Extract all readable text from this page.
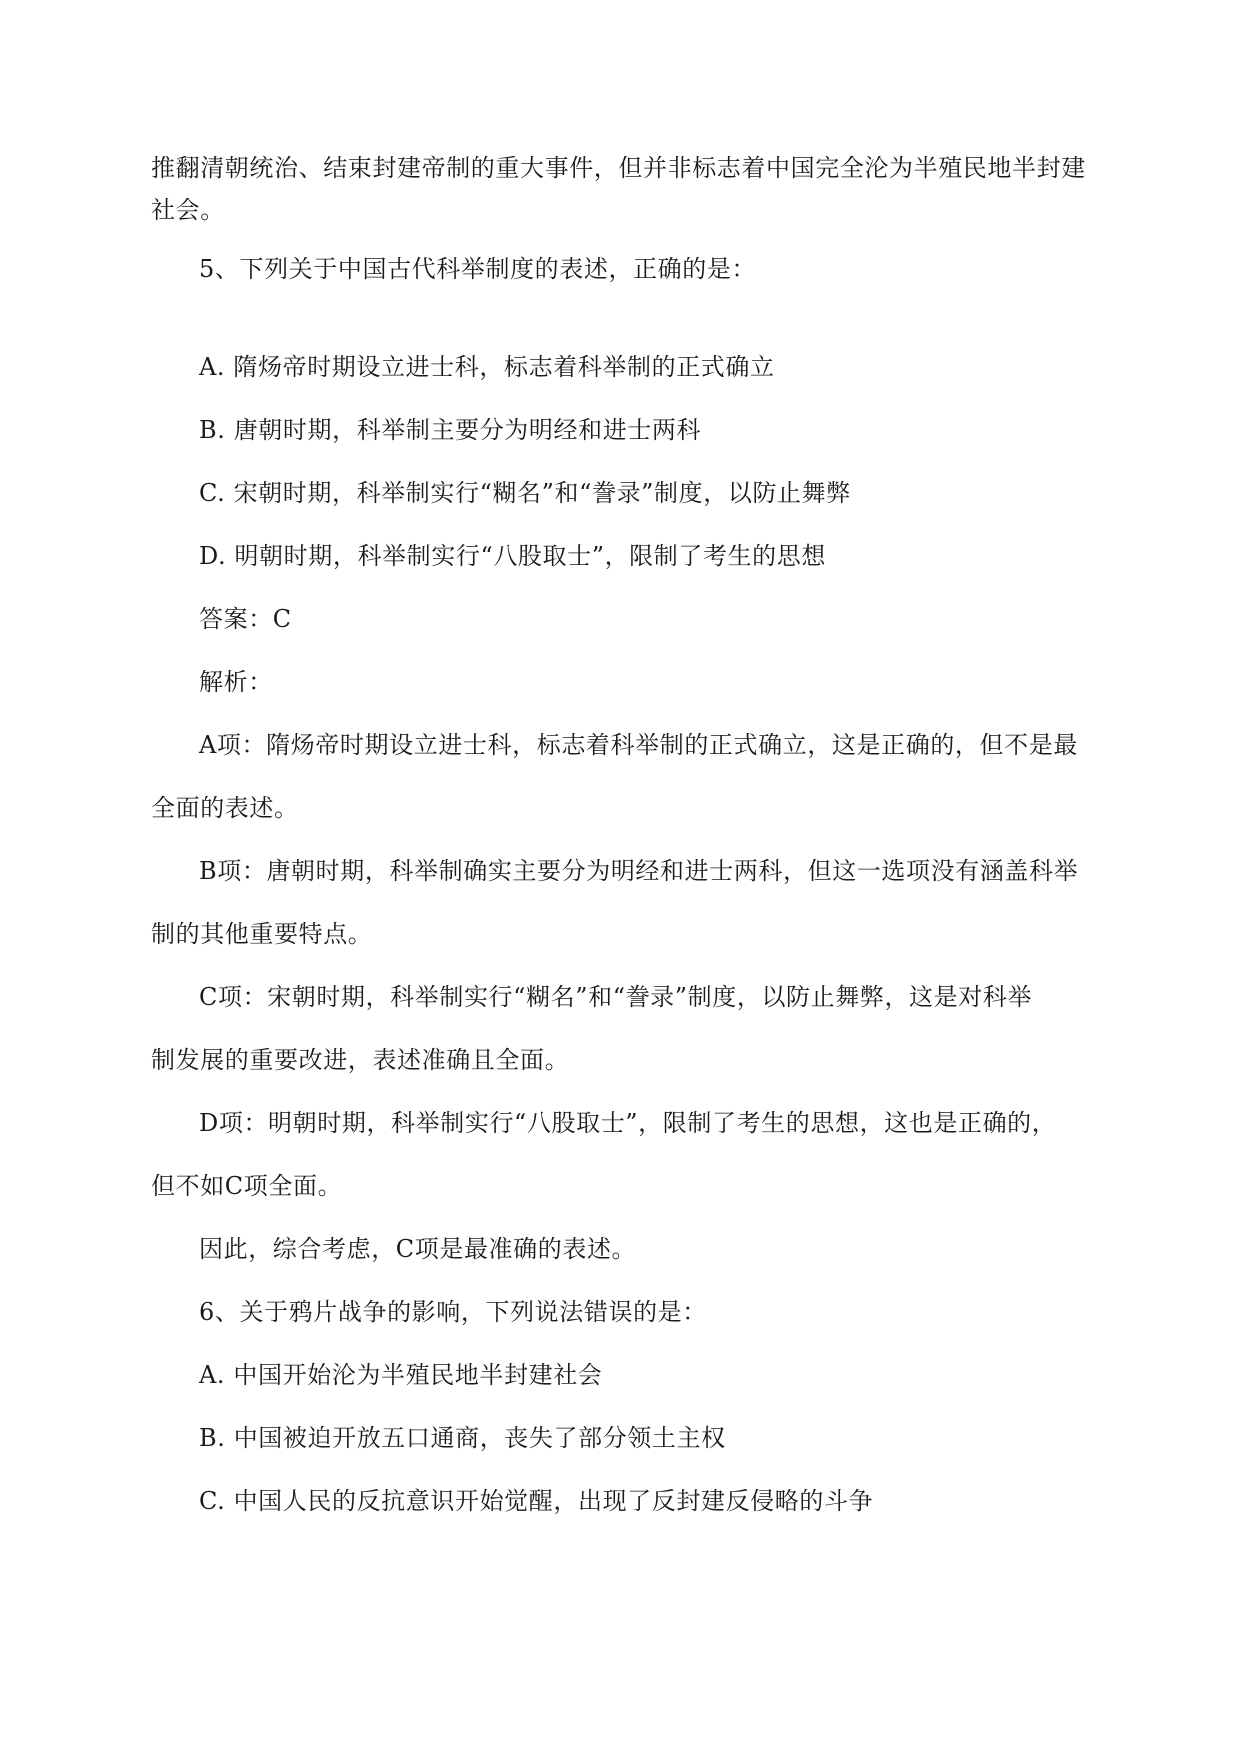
推翻清朝统治、结束封建帝制的重大事件，但并非标志着中国完全沦为半殖民地半封建
社会。
5、下列关于中国古代科举制度的表述，正确的是：
A. 隋炀帝时期设立进士科，标志着科举制的正式确立
B. 唐朝时期，科举制主要分为明经和进士两科
C. 宋朝时期，科举制实行“糊名”和“誊录”制度，以防止舞弊
D. 明朝时期，科举制实行“八股取士”，限制了考生的思想
答案：C
解析：
A项：隋炀帝时期设立进士科，标志着科举制的正式确立，这是正确的，但不是最
全面的表述。
B项：唐朝时期，科举制确实主要分为明经和进士两科，但这一选项没有涵盖科举
制的其他重要特点。
C项：宋朝时期，科举制实行“糊名”和“誊录”制度，以防止舞弊，这是对科举
制发展的重要改进，表述准确且全面。
D项：明朝时期，科举制实行“八股取士”，限制了考生的思想，这也是正确的，
但不如C项全面。
因此，综合考虑，C项是最准确的表述。
6、关于鸦片战争的影响，下列说法错误的是：
A. 中国开始沦为半殖民地半封建社会
B. 中国被迫开放五口通商，丧失了部分领土主权
C. 中国人民的反抗意识开始觉醒，出现了反封建反侵略的斗争
